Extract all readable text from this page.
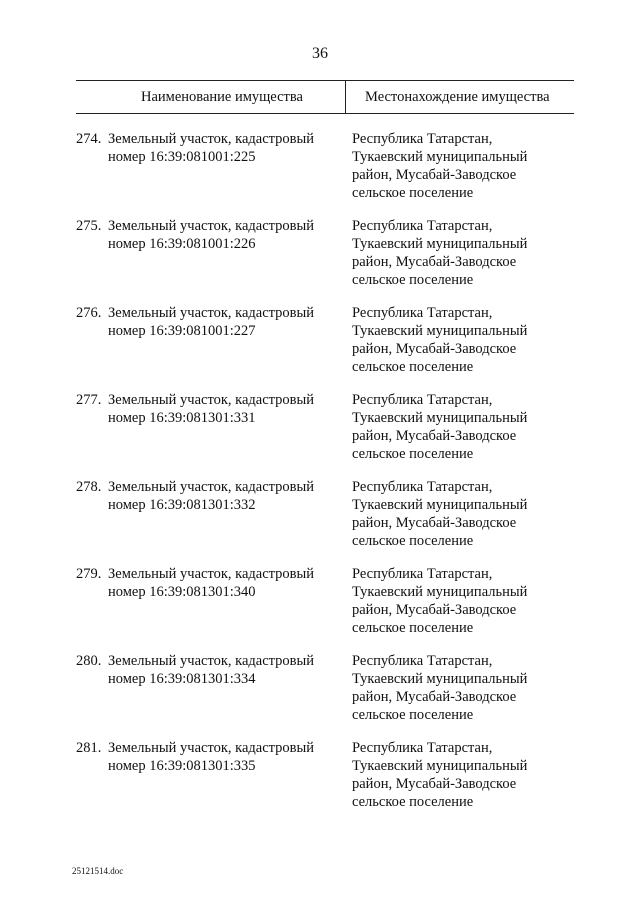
36
Наименование имущества	Местонахождение имущества
274. Земельный участок, кадастровый
номер 16:39:081001:225
Республика Татарстан,
Тукаевский муниципальный
район, Мусабай-Заводское
сельское поселение
275. Земельный участок, кадастровый
номер 16:39:081001:226
Республика Татарстан,
Тукаевский муниципальный
район, Мусабай-Заводское
сельское поселение
276. Земельный участок, кадастровый
номер 16:39:081001:227
Республика Татарстан,
Тукаевский муниципальный
район, Мусабай-Заводское
сельское поселение
277. Земельный участок, кадастровый
номер 16:39:081301:331
Республика Татарстан,
Тукаевский муниципальный
район, Мусабай-Заводское
сельское поселение
278. Земельный участок, кадастровый
номер 16:39:081301:332
Республика Татарстан,
Тукаевский муниципальный
район, Мусабай-Заводское
сельское поселение
279. Земельный участок, кадастровый
номер 16:39:081301:340
Республика Татарстан,
Тукаевский муниципальный
район, Мусабай-Заводское
сельское поселение
280. Земельный участок, кадастровый
номер 16:39:081301:334
Республика Татарстан,
Тукаевский муниципальный
район, Мусабай-Заводское
сельское поселение
281. Земельный участок, кадастровый
номер 16:39:081301:335
Республика Татарстан,
Тукаевский муниципальный
район, Мусабай-Заводское
сельское поселение
25121514.doc
